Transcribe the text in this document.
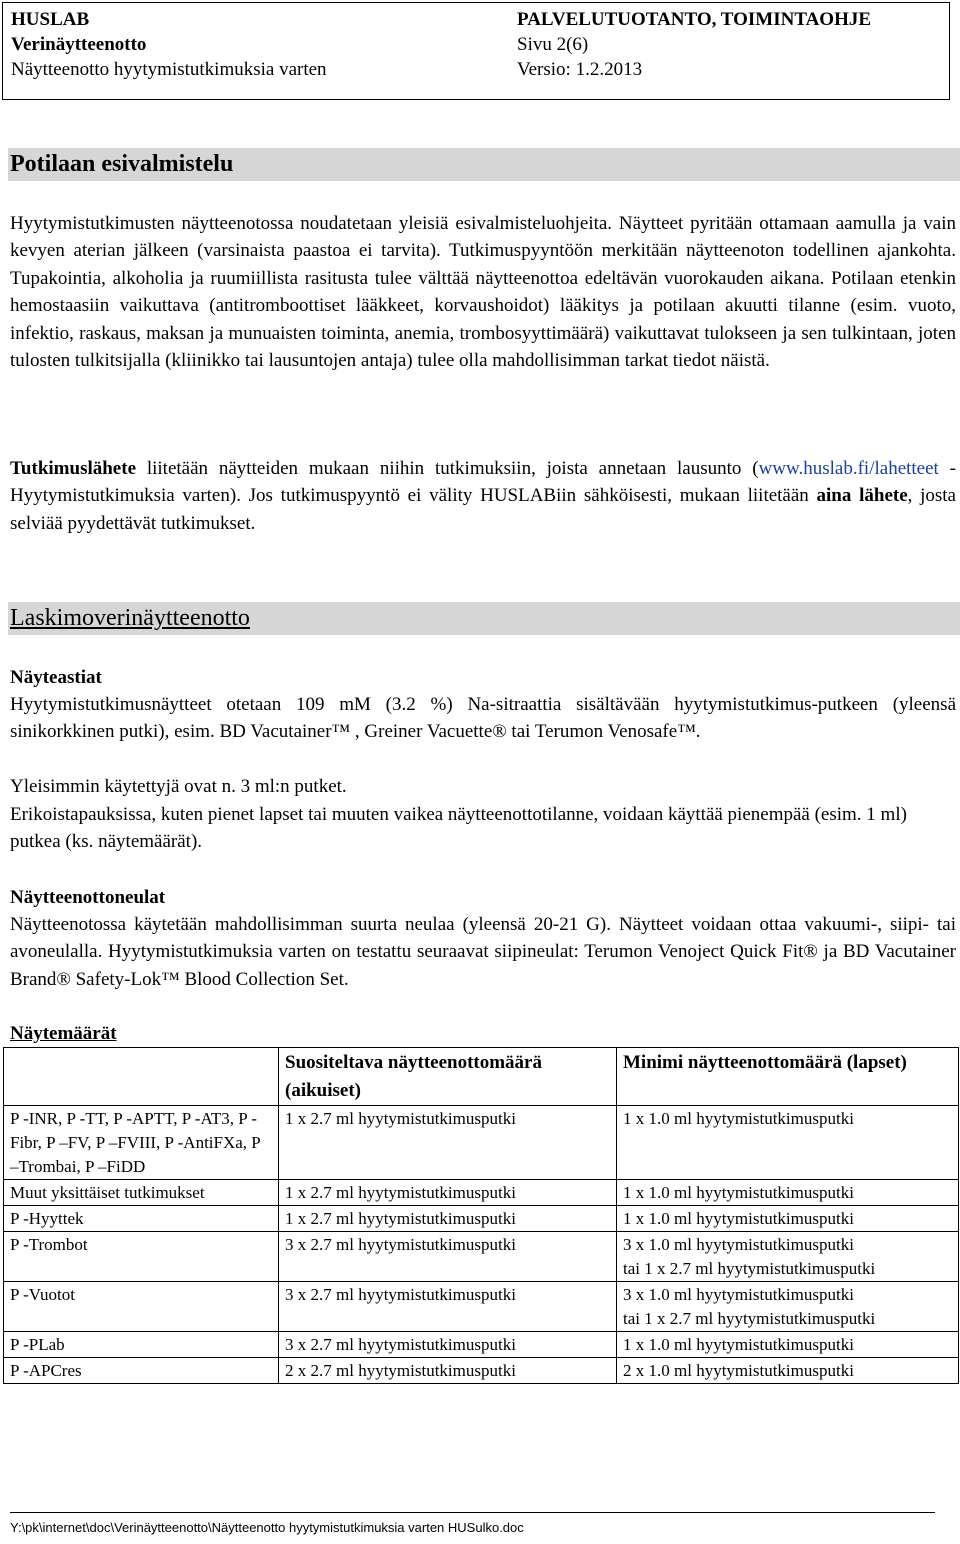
HUSLAB
Verinäytteenotto
Näytteenotto hyytymistutkimuksia varten
PALVELUTUOTANTO, TOIMINTAOHJE
Sivu 2(6)
Versio: 1.2.2013
Potilaan esivalmistelu
Hyytymistutkimusten näytteenotossa noudatetaan yleisiä esivalmisteluohjeita. Näytteet pyritään ottamaan aamulla ja vain kevyen aterian jälkeen (varsinaista paastoa ei tarvita). Tutkimuspyyntöön merkitään näytteenoton todellinen ajankohta. Tupakointia, alkoholia ja ruumiillista rasitusta tulee välttää näytteenottoa edeltävän vuorokauden aikana. Potilaan etenkin hemostaasiin vaikuttava (antitromboottiset lääkkeet, korvaushoidot) lääkitys ja potilaan akuutti tilanne (esim. vuoto, infektio, raskaus, maksan ja munuaisten toiminta, anemia, trombosyyttimäärä) vaikuttavat tulokseen ja sen tulkintaan, joten tulosten tulkitsijalla (kliinikko tai lausuntojen antaja) tulee olla mahdollisimman tarkat tiedot näistä.
Tutkimuslähete liitetään näytteiden mukaan niihin tutkimuksiin, joista annetaan lausunto (www.huslab.fi/lahetteet - Hyytymistutkimuksia varten). Jos tutkimuspyyntö ei välity HUSLABiin sähköisesti, mukaan liitetään aina lähete, josta selviää pyydettävät tutkimukset.
Laskimoverinäytteenotto
Näyteastiat
Hyytymistutkimusnäytteet otetaan 109 mM (3.2 %) Na-sitraattia sisältävään hyytymistutkimus-putkeen (yleensä sinikorkkinen putki), esim. BD Vacutainer™ , Greiner Vacuette® tai Terumon Venosafe™.
Yleisimmin käytettyjä ovat n. 3 ml:n putket.
Erikoistapauksissa, kuten pienet lapset tai muuten vaikea näytteenottotilanne, voidaan käyttää pienempää (esim. 1 ml) putkea (ks. näytemäärät).
Näytteenottoneulat
Näytteenotossa käytetään mahdollisimman suurta neulaa (yleensä 20-21 G). Näytteet voidaan ottaa vakuumi-, siipi- tai avoneulalla. Hyytymistutkimuksia varten on testattu seuraavat siipineulat: Terumon Venoject Quick Fit® ja BD Vacutainer Brand® Safety-Lok™ Blood Collection Set.
Näytemäärät
	Suositeltava näytteenottomäärä (aikuiset)	Minimi näytteenottomäärä (lapset)
P -INR, P -TT, P -APTT, P -AT3, P -Fibr, P –FV, P –FVIII, P -AntiFXa, P –Trombai, P –FiDD	1 x 2.7 ml hyytymistutkimusputki	1 x 1.0 ml hyytymistutkimusputki

Muut yksittäiset tutkimukset	1 x 2.7 ml hyytymistutkimusputki	1 x 1.0 ml hyytymistutkimusputki

P -Hyyttek	1 x 2.7 ml hyytymistutkimusputki	1 x 1.0 ml hyytymistutkimusputki

P -Trombot	3 x 2.7 ml hyytymistutkimusputki	3 x 1.0 ml hyytymistutkimusputki
tai 1 x 2.7 ml hyytymistutkimusputki

P -Vuotot	3 x 2.7 ml hyytymistutkimusputki	3 x 1.0 ml hyytymistutkimusputki
tai 1 x 2.7 ml hyytymistutkimusputki

P -PLab	3 x 2.7 ml hyytymistutkimusputki	1 x 1.0 ml hyytymistutkimusputki

P -APCres	2 x 2.7 ml hyytymistutkimusputki	2 x 1.0 ml hyytymistutkimusputki
Y:\pk\internet\doc\Verinäytteenotto\Näytteenotto hyytymistutkimuksia varten HUSulko.doc
